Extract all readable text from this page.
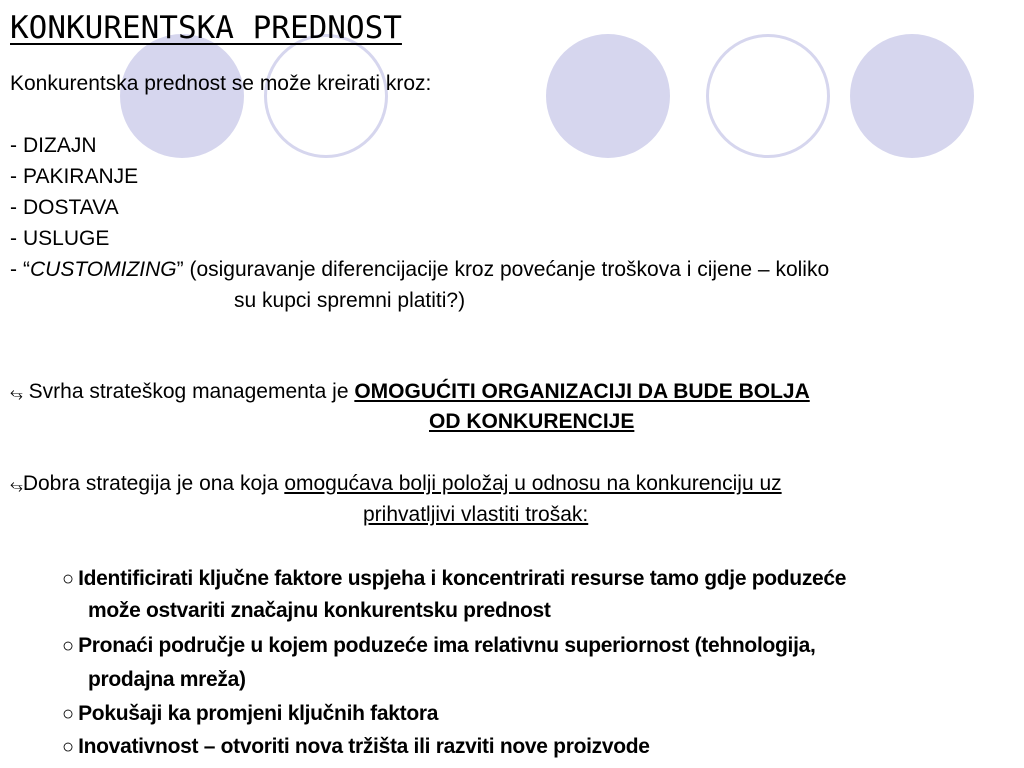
KONKURENTSKA PREDNOST
Konkurentska prednost se može kreirati kroz:
- DIZAJN
- PAKIRANJE
- DOSTAVA
- USLUGE
- “CUSTOMIZING” (osiguravanje diferencijacije kroz povećanje troškova i cijene – koliko
su kupci spremni platiti?)
⥃ Svrha strateškog managementa je OMOGUĆITI ORGANIZACIJI DA BUDE BOLJA
OD KONKURENCIJE
⥃Dobra strategija je ona koja omogućava bolji položaj u odnosu na konkurenciju uz
prihvatljivi vlastiti trošak:
○ Identificirati ključne faktore uspjeha i koncentrirati resurse tamo gdje poduzeće
može ostvariti značajnu konkurentsku prednost
○ Pronaći područje u kojem poduzeće ima relativnu superiornost (tehnologija,
prodajna mreža)
○ Pokušaji ka promjeni ključnih faktora
○ Inovativnost – otvoriti nova tržišta ili razviti nove proizvode
